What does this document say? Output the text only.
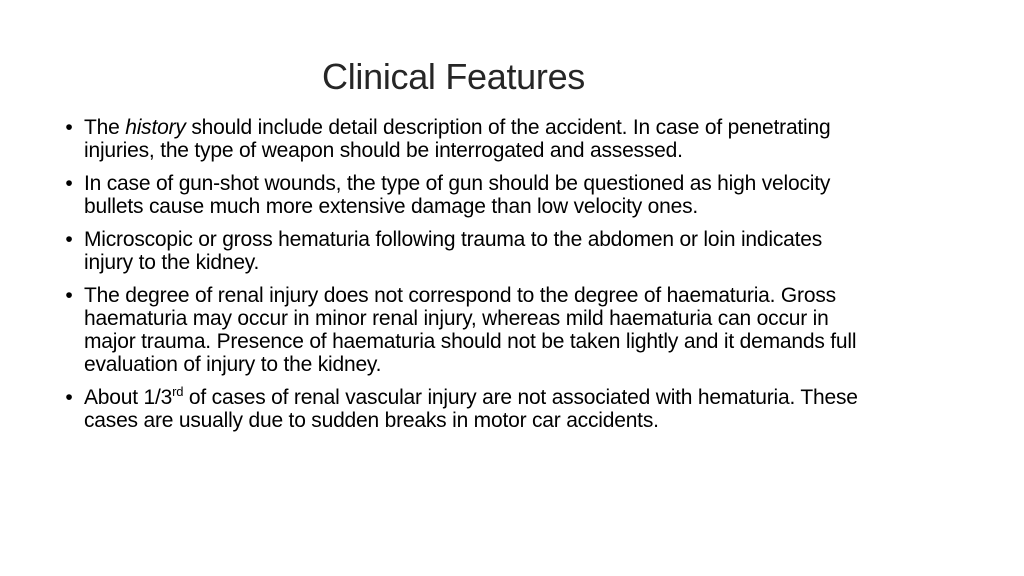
Clinical Features
• The history should include detail description of the accident. In case of penetrating injuries, the type of weapon should be interrogated and assessed.
• In case of gun-shot wounds, the type of gun should be questioned as high velocity bullets cause much more extensive damage than low velocity ones.
• Microscopic or gross hematuria following trauma to the abdomen or loin indicates injury to the kidney.
• The degree of renal injury does not correspond to the degree of haematuria. Gross haematuria may occur in minor renal injury, whereas mild haematuria can occur in major trauma. Presence of haematuria should not be taken lightly and it demands full evaluation of injury to the kidney.
• About 1/3rd of cases of renal vascular injury are not associated with hematuria. These cases are usually due to sudden breaks in motor car accidents.
